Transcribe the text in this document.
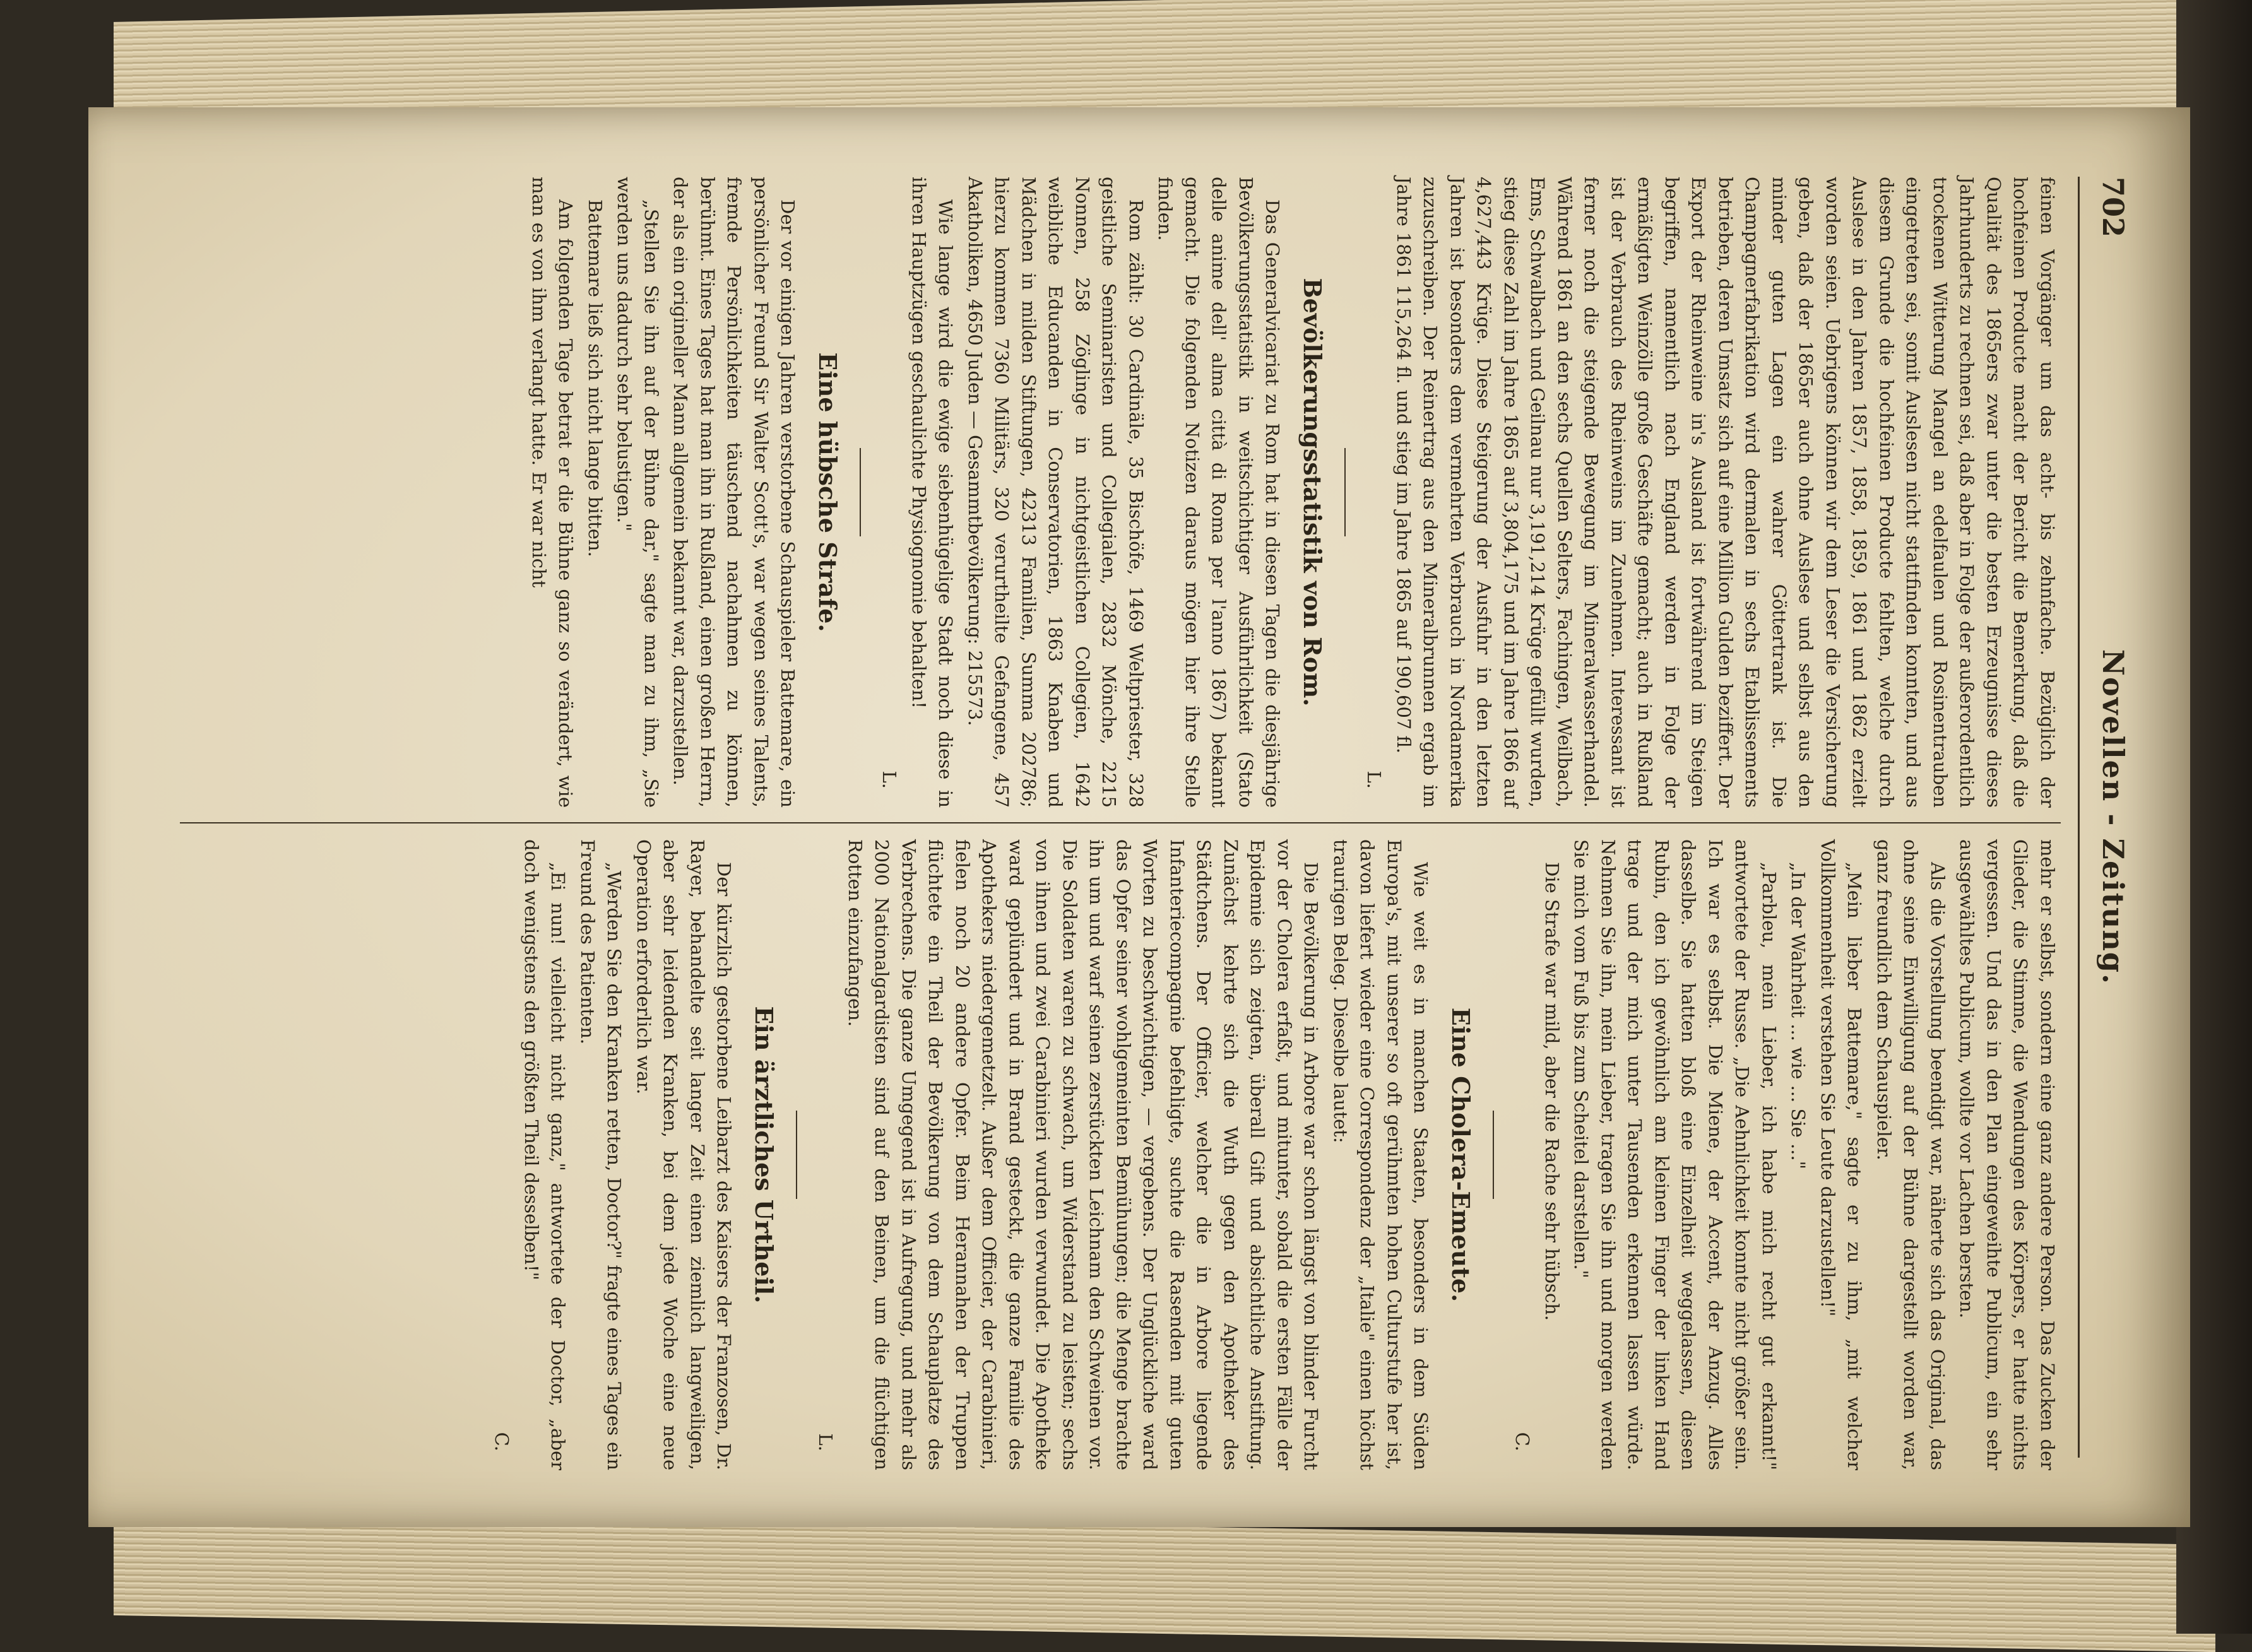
702
Novellen - Zeitung.

feinen Vorgänger um das acht- bis zehnfache. Bezüglich der hochfeinen Producte macht der Bericht die Bemerkung, daß die Qualität des 1865ers zwar unter die besten Erzeugnisse dieses Jahrhunderts zu rechnen sei, daß aber in Folge der außerordentlich trockenen Witterung Mangel an edelfaulen und Rosinentrauben eingetreten sei, somit Auslesen nicht stattfinden konnten, und aus diesem Grunde die hochfeinen Producte fehlten, welche durch Auslese in den Jahren 1857, 1858, 1859, 1861 und 1862 erzielt worden seien. Uebrigens können wir dem Leser die Versicherung geben, daß der 1865er auch ohne Auslese und selbst aus den minder guten Lagen ein wahrer Göttertrank ist. Die Champagnerfabrikation wird dermalen in sechs Etablissements betrieben, deren Umsatz sich auf eine Million Gulden beziffert. Der Export der Rheinweine in's Ausland ist fortwährend im Steigen begriffen, namentlich nach England werden in Folge der ermäßigten Weinzölle große Geschäfte gemacht; auch in Rußland ist der Verbrauch des Rheinweins im Zunehmen. Interessant ist ferner noch die steigende Bewegung im Mineralwasserhandel. Während 1861 an den sechs Quellen Selters, Fachingen, Weilbach, Ems, Schwalbach und Geilnau nur 3,191,214 Krüge gefüllt wurden, stieg diese Zahl im Jahre 1865 auf 3,804,175 und im Jahre 1866 auf 4,627,443 Krüge. Diese Steigerung der Ausfuhr in den letzten Jahren ist besonders dem vermehrten Verbrauch in Nordamerika zuzuschreiben. Der Reinertrag aus den Mineralbrunnen ergab im Jahre 1861 115,264 fl. und stieg im Jahre 1865 auf 190,607 fl.

L.
Bevölkerungsstatistik von Rom.

Das Generalvicariat zu Rom hat in diesen Tagen die diesjährige Bevölkerungsstatistik in weitschichtiger Ausführlichkeit (Stato delle anime dell' alma città di Roma per l'anno 1867) bekannt gemacht. Die folgenden Notizen daraus mögen hier ihre Stelle finden.

Rom zählt: 30 Cardinäle, 35 Bischöfe, 1469 Weltpriester, 328 geistliche Seminaristen und Collegialen, 2832 Mönche, 2215 Nonnen, 258 Zöglinge in nichtgeistlichen Collegien, 1642 weibliche Educanden in Conservatorien, 1863 Knaben und Mädchen in milden Stiftungen, 42313 Familien, Summa 202786; hierzu kommen 7360 Militärs, 320 verurtheilte Gefangene, 457 Akatholiken, 4650 Juden — Gesammtbevölkerung: 215573.

Wie lange wird die ewige siebenhügelige Stadt noch diese in ihren Hauptzügen geschaulichte Physiognomie behalten!

L.
Eine hübsche Strafe.

Der vor einigen Jahren verstorbene Schauspieler Battemare, ein persönlicher Freund Sir Walter Scott's, war wegen seines Talents, fremde Persönlichkeiten täuschend nachahmen zu können, berühmt. Eines Tages hat man ihn in Rußland, einen großen Herrn, der als ein origineller Mann allgemein bekannt war, darzustellen.

„Stellen Sie ihn auf der Bühne dar," sagte man zu ihm, „Sie werden uns dadurch sehr belustigen."

Battemare ließ sich nicht lange bitten.

Am folgenden Tage betrat er die Bühne ganz so verändert, wie man es von ihm verlangt hatte. Er war nicht

mehr er selbst, sondern eine ganz andere Person. Das Zucken der Glieder, die Stimme, die Wendungen des Körpers, er hatte nichts vergessen. Und das in den Plan eingeweihte Publicum, ein sehr ausgewähltes Publicum, wollte vor Lachen bersten.

Als die Vorstellung beendigt war, näherte sich das Original, das ohne seine Einwilligung auf der Bühne dargestellt worden war, ganz freundlich dem Schauspieler.

„Mein lieber Battemare," sagte er zu ihm, „mit welcher Vollkommenheit verstehen Sie Leute darzustellen!"

„In der Wahrheit ... wie ... Sie ..."

„Parbleu, mein Lieber, ich habe mich recht gut erkannt!" antwortete der Russe. „Die Aehnlichkeit konnte nicht größer sein. Ich war es selbst. Die Miene, der Accent, der Anzug. Alles dasselbe. Sie hatten bloß eine Einzelheit weggelassen, diesen Rubin, den ich gewöhnlich am kleinen Finger der linken Hand trage und der mich unter Tausenden erkennen lassen würde. Nehmen Sie ihn, mein Lieber, tragen Sie ihn und morgen werden Sie mich vom Fuß bis zum Scheitel darstellen."

Die Strafe war mild, aber die Rache sehr hübsch.

C.
Eine Cholera-Emeute.

Wie weit es in manchen Staaten, besonders in dem Süden Europa's, mit unserer so oft gerühmten hohen Culturstufe her ist, davon liefert wieder eine Correspondenz der „Italie" einen höchst traurigen Beleg. Dieselbe lautet:

Die Bevölkerung in Arbore war schon längst von blinder Furcht vor der Cholera erfaßt, und mitunter, sobald die ersten Fälle der Epidemie sich zeigten, überall Gift und absichtliche Anstiftung. Zunächst kehrte sich die Wuth gegen den Apotheker des Städtchens. Der Officier, welcher die in Arbore liegende Infanteriecompagnie befehligte, suchte die Rasenden mit guten Worten zu beschwichtigen, — vergebens. Der Unglückliche ward das Opfer seiner wohlgemeinten Bemühungen; die Menge brachte ihn um und warf seinen zerstückten Leichnam den Schweinen vor. Die Soldaten waren zu schwach, um Widerstand zu leisten; sechs von ihnen und zwei Carabinieri wurden verwundet. Die Apotheke ward geplündert und in Brand gesteckt, die ganze Familie des Apothekers niedergemetzelt. Außer dem Officier, der Carabinieri, fielen noch 20 andere Opfer. Beim Herannahen der Truppen flüchtete ein Theil der Bevölkerung von dem Schauplatze des Verbrechens. Die ganze Umgegend ist in Aufregung, und mehr als 2000 Nationalgardisten sind auf den Beinen, um die flüchtigen Rotten einzufangen.

L.
Ein ärztliches Urtheil.

Der kürzlich gestorbene Leibarzt des Kaisers der Franzosen, Dr. Rayer, behandelte seit langer Zeit einen ziemlich langweiligen, aber sehr leidenden Kranken, bei dem jede Woche eine neue Operation erforderlich war.

„Werden Sie den Kranken retten, Doctor?" fragte eines Tages ein Freund des Patienten.

„Ei nun! vielleicht nicht ganz," antwortete der Doctor, „aber doch wenigstens den größten Theil desselben!"

C.
